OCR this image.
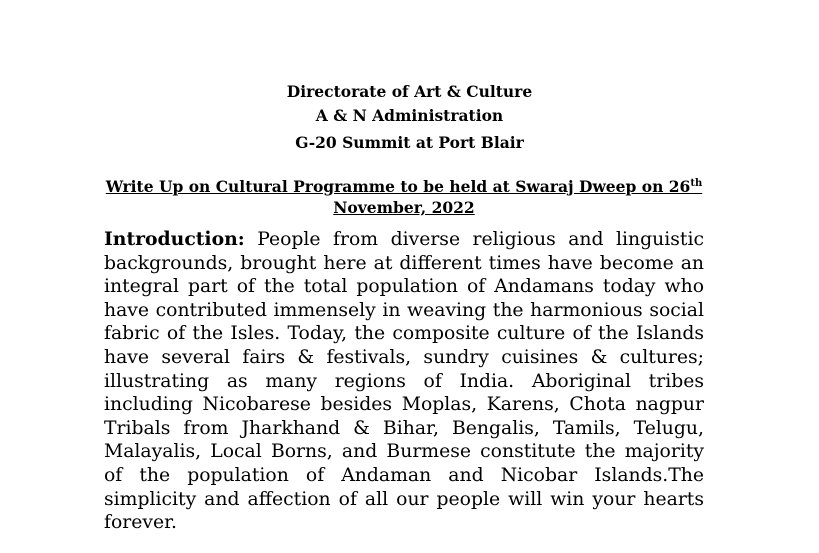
Directorate of Art & Culture
A & N Administration
G-20 Summit at Port Blair
Write Up on Cultural Programme to be held at Swaraj Dweep on 26th November, 2022

Introduction: People from diverse religious and linguistic backgrounds, brought here at different times have become an integral part of the total population of Andamans today who have contributed immensely in weaving the harmonious social fabric of the Isles. Today, the composite culture of the Islands have several fairs & festivals, sundry cuisines & cultures; illustrating as many regions of India. Aboriginal tribes including Nicobarese besides Moplas, Karens, Chota nagpur Tribals from Jharkhand & Bihar, Bengalis, Tamils, Telugu, Malayalis, Local Borns, and Burmese constitute the majority of the population of Andaman and Nicobar Islands.The simplicity and affection of all our people will win your hearts forever.
